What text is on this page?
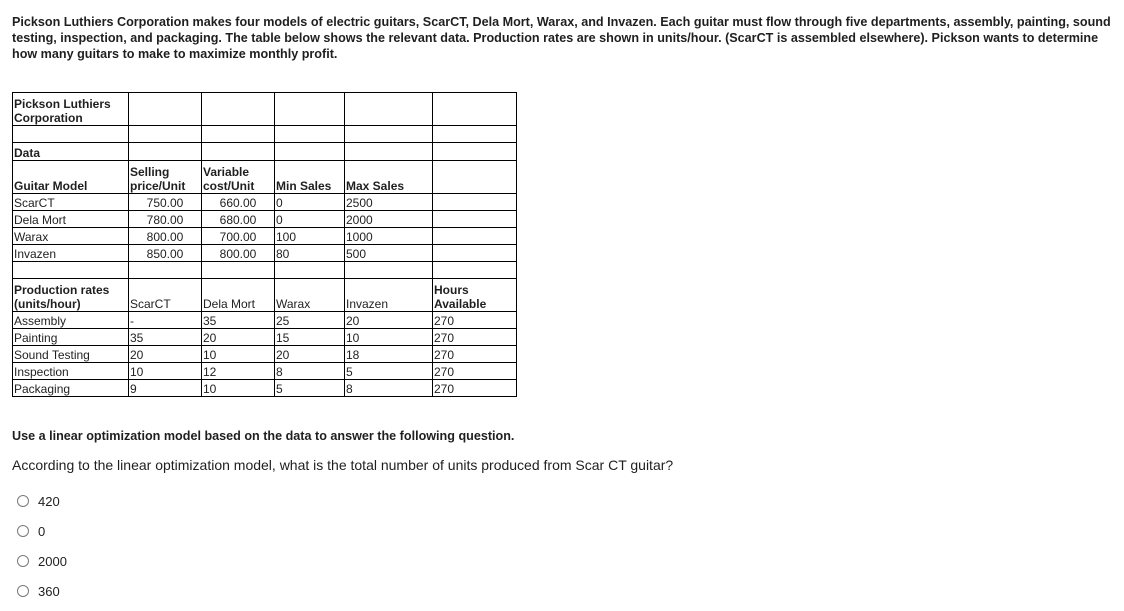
Pickson Luthiers Corporation makes four models of electric guitars, ScarCT, Dela Mort, Warax, and Invazen. Each guitar must flow through five departments, assembly, painting, sound testing, inspection, and packaging. The table below shows the relevant data. Production rates are shown in units/hour. (ScarCT is assembled elsewhere). Pickson wants to determine how many guitars to make to maximize monthly profit.
Pickson Luthiers Corporation					

Data					
Guitar Model	Selling price/Unit	Variable cost/Unit	Min Sales	Max Sales	
ScarCT	750.00	660.00	0	2500	
Dela Mort	780.00	680.00	0	2000	
Warax	800.00	700.00	100	1000	
Invazen	850.00	800.00	80	500	

Production rates (units/hour)	ScarCT	Dela Mort	Warax	Invazen	Hours Available
Assembly	-	35	25	20	270
Painting	35	20	15	10	270
Sound Testing	20	10	20	18	270
Inspection	10	12	8	5	270
Packaging	9	10	5	8	270
Use a linear optimization model based on the data to answer the following question.
According to the linear optimization model, what is the total number of units produced from Scar CT guitar?
420
0
2000
360
